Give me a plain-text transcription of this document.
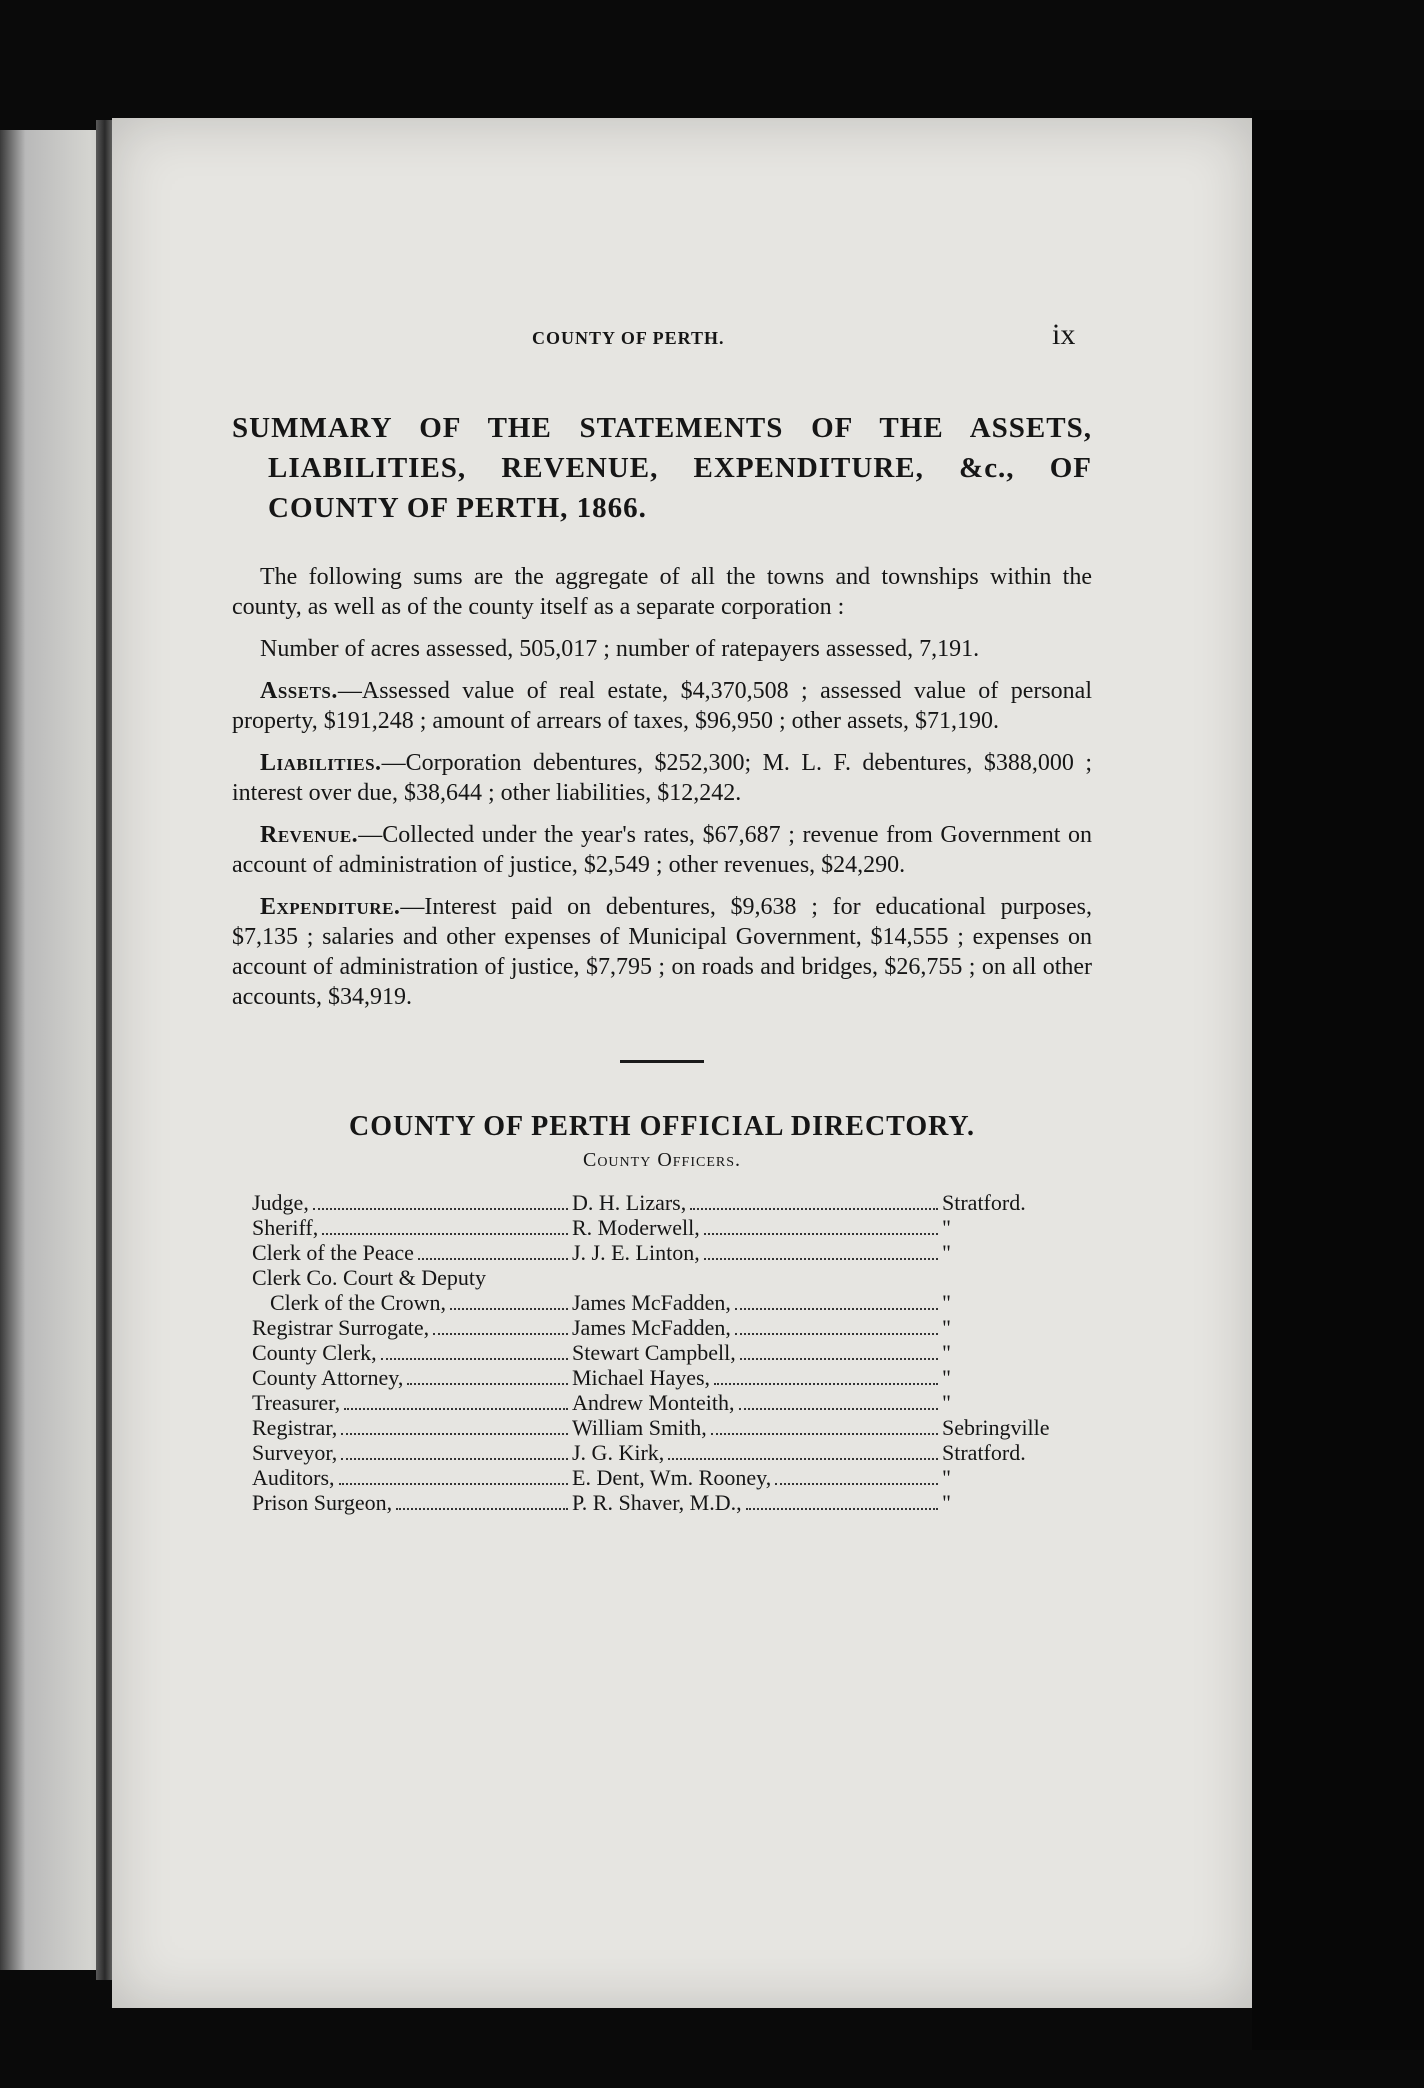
COUNTY OF PERTH.	ix
SUMMARY OF THE STATEMENTS OF THE ASSETS, LIABILITIES, REVENUE, EXPENDITURE, &c., OF COUNTY OF PERTH, 1866.

The following sums are the aggregate of all the towns and townships within the county, as well as of the county itself as a separate corporation :

Number of acres assessed, 505,017 ; number of ratepayers assessed, 7,191.

Assets.—Assessed value of real estate, $4,370,508 ; assessed value of personal property, $191,248 ; amount of arrears of taxes, $96,950 ; other assets, $71,190.

Liabilities.—Corporation debentures, $252,300; M. L. F. debentures, $388,000 ; interest over due, $38,644 ; other liabilities, $12,242.

Revenue.—Collected under the year's rates, $67,687 ; revenue from Government on account of administration of justice, $2,549 ; other revenues, $24,290.

Expenditure.—Interest paid on debentures, $9,638 ; for educational purposes, $7,135 ; salaries and other expenses of Municipal Government, $14,555 ; expenses on account of administration of justice, $7,795 ; on roads and bridges, $26,755 ; on all other accounts, $34,919.

COUNTY OF PERTH OFFICIAL DIRECTORY.
County Officers.
Judge,	D. H. Lizars,	Stratford.
Sheriff,	R. Moderwell,	"
Clerk of the Peace	J. J. E. Linton,	"
Clerk Co. Court & Deputy
Clerk of the Crown,	James McFadden,	"
Registrar Surrogate,	James McFadden,	"
County Clerk,	Stewart Campbell,	"
County Attorney,	Michael Hayes,	"
Treasurer,	Andrew Monteith,	"
Registrar,	William Smith,	Sebringville
Surveyor,	J. G. Kirk,	Stratford.
Auditors,	E. Dent, Wm. Rooney,	"
Prison Surgeon,	P. R. Shaver, M.D.,	"
